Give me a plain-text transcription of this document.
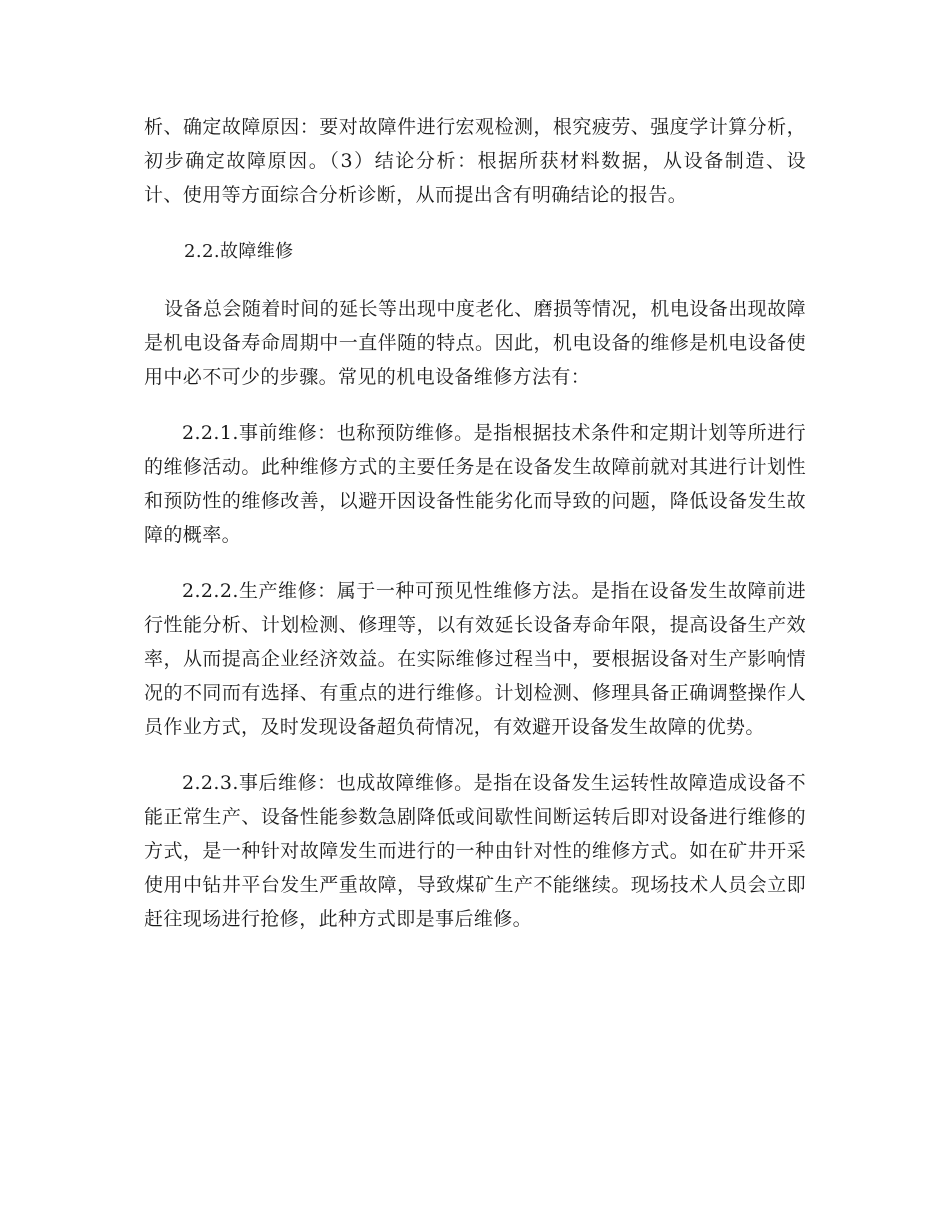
析、确定故障原因：要对故障件进行宏观检测，根究疲劳、强度学计算分析，初步确定故障原因。（3）结论分析：根据所获材料数据，从设备制造、设计、使用等方面综合分析诊断，从而提出含有明确结论的报告。

2.2.故障维修

设备总会随着时间的延长等出现中度老化、磨损等情况，机电设备出现故障是机电设备寿命周期中一直伴随的特点。因此，机电设备的维修是机电设备使用中必不可少的步骤。常见的机电设备维修方法有：

2.2.1.事前维修：也称预防维修。是指根据技术条件和定期计划等所进行的维修活动。此种维修方式的主要任务是在设备发生故障前就对其进行计划性和预防性的维修改善，以避开因设备性能劣化而导致的问题，降低设备发生故障的概率。

2.2.2.生产维修：属于一种可预见性维修方法。是指在设备发生故障前进行性能分析、计划检测、修理等，以有效延长设备寿命年限，提高设备生产效率，从而提高企业经济效益。在实际维修过程当中，要根据设备对生产影响情况的不同而有选择、有重点的进行维修。计划检测、修理具备正确调整操作人员作业方式，及时发现设备超负荷情况，有效避开设备发生故障的优势。

2.2.3.事后维修：也成故障维修。是指在设备发生运转性故障造成设备不能正常生产、设备性能参数急剧降低或间歇性间断运转后即对设备进行维修的方式，是一种针对故障发生而进行的一种由针对性的维修方式。如在矿井开采使用中钻井平台发生严重故障，导致煤矿生产不能继续。现场技术人员会立即赶往现场进行抢修，此种方式即是事后维修。
